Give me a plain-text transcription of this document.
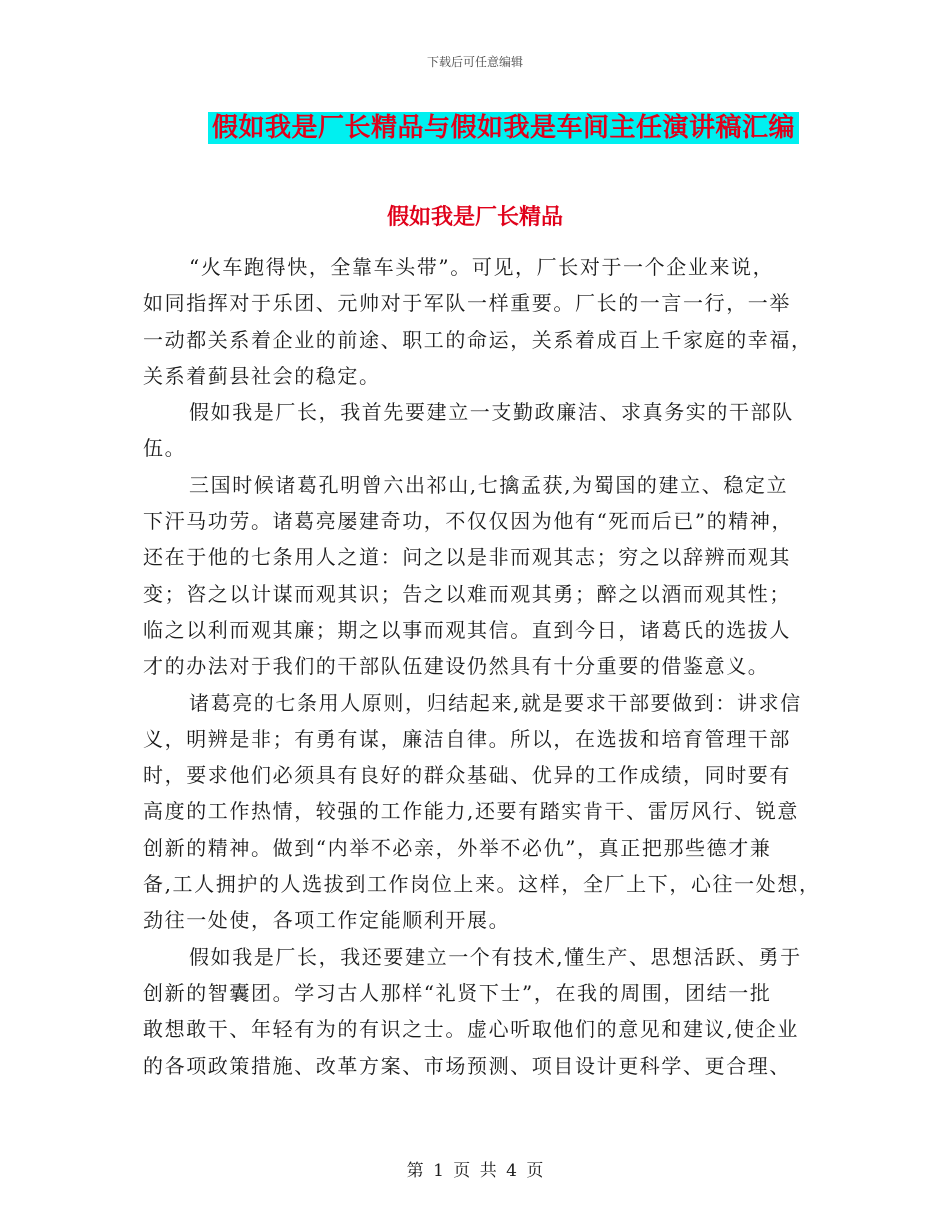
下载后可任意编辑
假如我是厂长精品与假如我是车间主任演讲稿汇编
假如我是厂长精品
“火车跑得快，全靠车头带”。可见，厂长对于一个企业来说，
如同指挥对于乐团、元帅对于军队一样重要。厂长的一言一行，一举
一动都关系着企业的前途、职工的命运，关系着成百上千家庭的幸福，
关系着蓟县社会的稳定。
假如我是厂长，我首先要建立一支勤政廉洁、求真务实的干部队
伍。
三国时候诸葛孔明曾六出祁山,七擒孟获,为蜀国的建立、稳定立
下汗马功劳。诸葛亮屡建奇功，不仅仅因为他有“死而后已”的精神，
还在于他的七条用人之道：问之以是非而观其志；穷之以辞辨而观其
变；咨之以计谋而观其识；告之以难而观其勇；醉之以酒而观其性；
临之以利而观其廉；期之以事而观其信。直到今日，诸葛氏的选拔人
才的办法对于我们的干部队伍建设仍然具有十分重要的借鉴意义。
诸葛亮的七条用人原则，归结起来,就是要求干部要做到：讲求信
义，明辨是非；有勇有谋，廉洁自律。所以，在选拔和培育管理干部
时，要求他们必须具有良好的群众基础、优异的工作成绩，同时要有
高度的工作热情，较强的工作能力,还要有踏实肯干、雷厉风行、锐意
创新的精神。做到“内举不必亲，外举不必仇”，真正把那些德才兼
备,工人拥护的人选拔到工作岗位上来。这样，全厂上下，心往一处想，
劲往一处使，各项工作定能顺利开展。
假如我是厂长，我还要建立一个有技术,懂生产、思想活跃、勇于
创新的智囊团。学习古人那样“礼贤下士”，在我的周围，团结一批
敢想敢干、年轻有为的有识之士。虚心听取他们的意见和建议,使企业
的各项政策措施、改革方案、市场预测、项目设计更科学、更合理、
第 1 页 共 4 页
